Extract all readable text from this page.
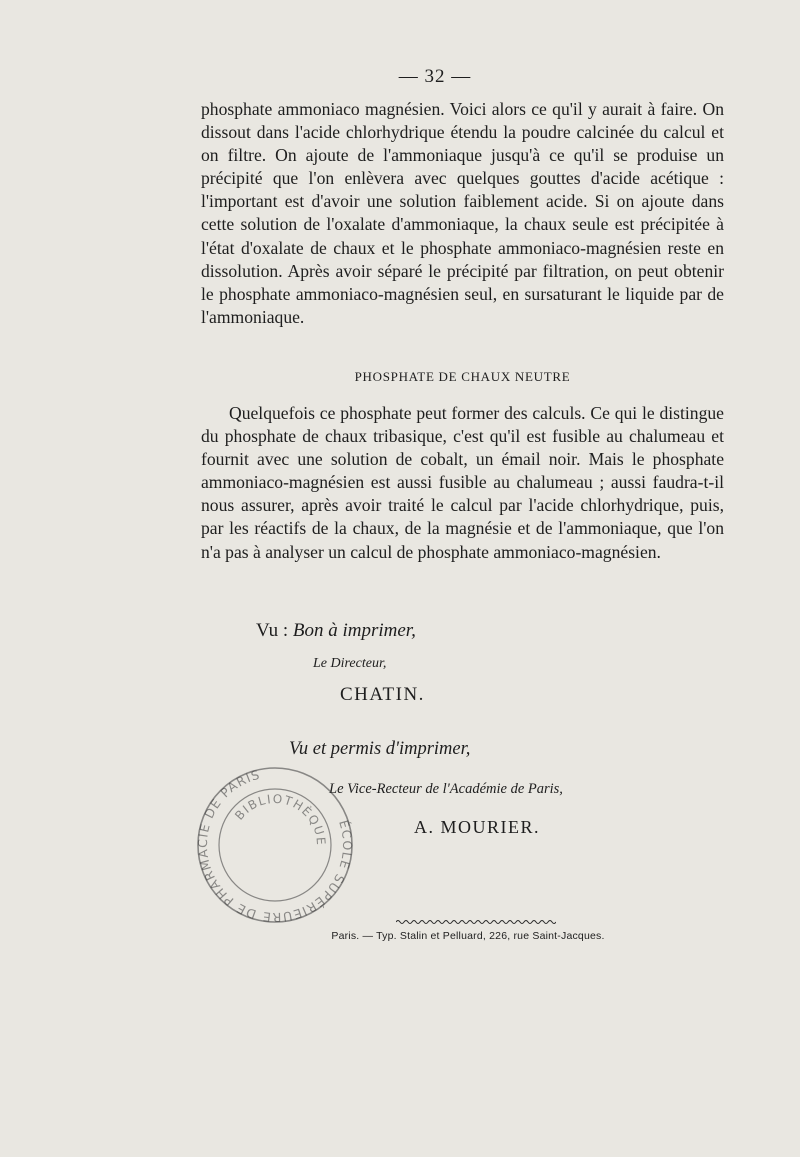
— 32 —

phosphate ammoniaco magnésien. Voici alors ce qu'il y aurait à faire. On dissout dans l'acide chlorhydrique étendu la poudre calcinée du calcul et on filtre. On ajoute de l'ammoniaque jusqu'à ce qu'il se produise un précipité que l'on enlèvera avec quelques gouttes d'acide acétique : l'important est d'avoir une solution faiblement acide. Si on ajoute dans cette solution de l'oxalate d'ammoniaque, la chaux seule est précipitée à l'état d'oxalate de chaux et le phosphate ammoniaco-magnésien reste en dissolution. Après avoir séparé le précipité par filtration, on peut obtenir le phosphate ammoniaco-magnésien seul, en sursaturant le liquide par de l'ammoniaque.

PHOSPHATE DE CHAUX NEUTRE

Quelquefois ce phosphate peut former des calculs. Ce qui le distingue du phosphate de chaux tribasique, c'est qu'il est fusible au chalumeau et fournit avec une solution de cobalt, un émail noir. Mais le phosphate ammoniaco-magnésien est aussi fusible au chalumeau ; aussi faudra-t-il nous assurer, après avoir traité le calcul par l'acide chlorhydrique, puis, par les réactifs de la chaux, de la magnésie et de l'ammoniaque, que l'on n'a pas à analyser un calcul de phosphate ammoniaco-magnésien.

Vu : Bon à imprimer,
Le Directeur,
CHATIN.
Vu et permis d'imprimer,
Le Vice-Recteur de l'Académie de Paris,
A. MOURIER.
ÉCOLE SUPÉRIEURE DE PHARMACIE DE PARIS
BIBLIOTHÈQUE
Paris. — Typ. Stalin et Pelluard, 226, rue Saint-Jacques.
